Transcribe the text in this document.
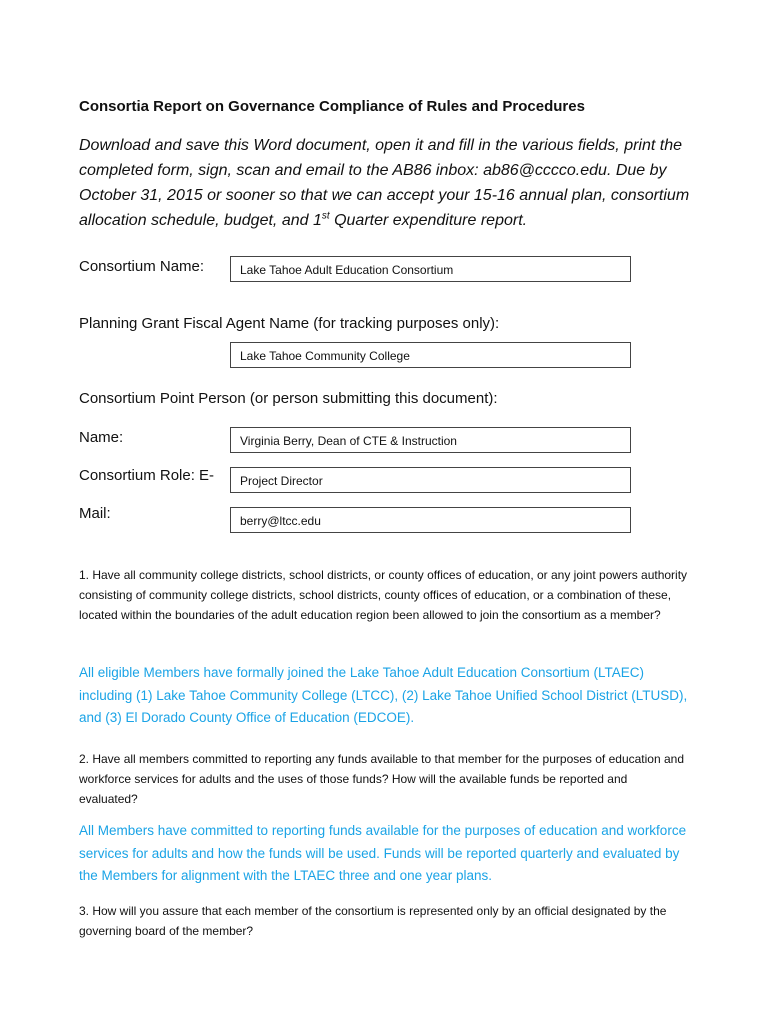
Consortia Report on Governance Compliance of Rules and Procedures
Download and save this Word document, open it and fill in the various fields, print the completed form, sign, scan and email to the AB86 inbox: ab86@cccco.edu. Due by October 31, 2015 or sooner so that we can accept your 15-16 annual plan, consortium allocation schedule, budget, and 1st Quarter expenditure report.
Consortium Name:	Lake Tahoe Adult Education Consortium
Planning Grant Fiscal Agent Name (for tracking purposes only):
Lake Tahoe Community College
Consortium Point Person (or person submitting this document):
Name:	Virginia Berry, Dean of CTE & Instruction
Consortium Role: E-	Project Director
Mail:	berry@ltcc.edu
1. Have all community college districts, school districts, or county offices of education, or any joint powers authority consisting of community college districts, school districts, county offices of education, or a combination of these, located within the boundaries of the adult education region been allowed to join the consortium as a member?
All eligible Members have formally joined the Lake Tahoe Adult Education Consortium (LTAEC) including (1) Lake Tahoe Community College (LTCC), (2) Lake Tahoe Unified School District (LTUSD), and (3) El Dorado County Office of Education (EDCOE).
2. Have all members committed to reporting any funds available to that member for the purposes of education and workforce services for adults and the uses of those funds? How will the available funds be reported and evaluated?
All Members have committed to reporting funds available for the purposes of education and workforce services for adults and how the funds will be used. Funds will be reported quarterly and evaluated by the Members for alignment with the LTAEC three and one year plans.
3. How will you assure that each member of the consortium is represented only by an official designated by the governing board of the member?
